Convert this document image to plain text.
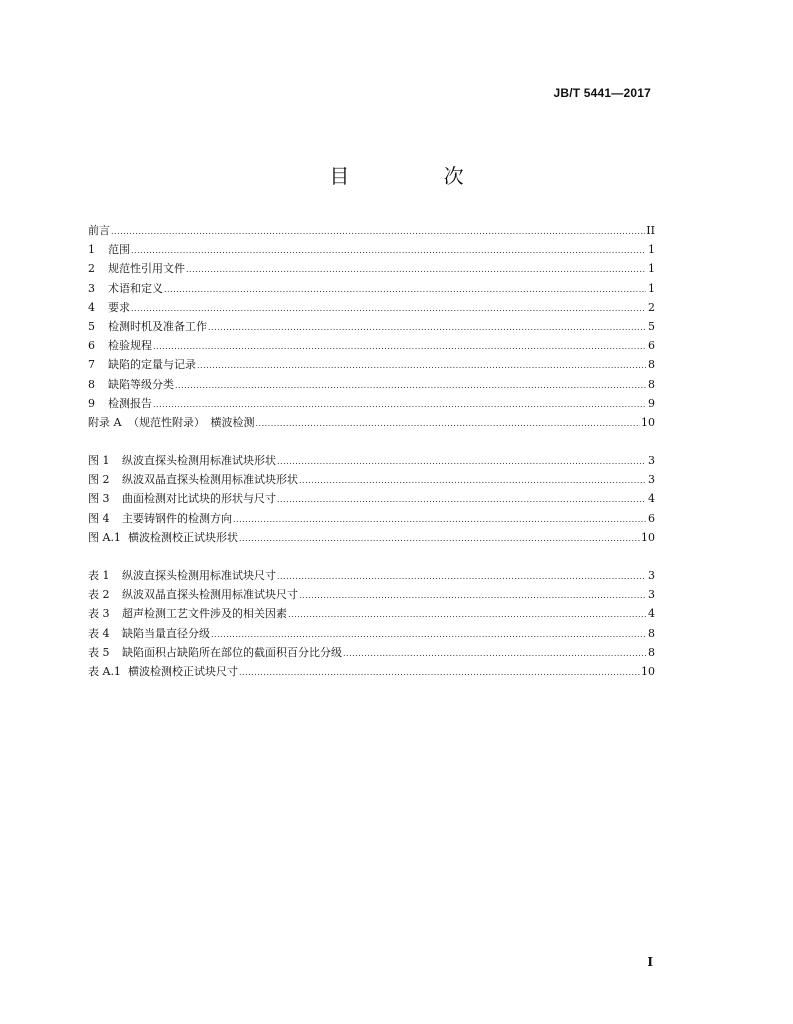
JB/T 5441—2017
目 次
前言 .....	II
1	范围 .....	1
2	规范性引用文件 .....	1
3	术语和定义 .....	1
4	要求 .....	2
5	检测时机及准备工作 .....	5
6	检验规程 .....	6
7	缺陷的定量与记录 .....	8
8	缺陷等级分类 .....	8
9	检测报告 .....	9
附录 A （规范性附录）　横波检测 .....	10
图 1	纵波直探头检测用标准试块形状 .....	3
图 2	纵波双晶直探头检测用标准试块形状 .....	3
图 3	曲面检测对比试块的形状与尺寸 .....	4
图 4	主要铸钢件的检测方向 .....	6
图 A.1 横波检测校正试块形状 .....	10
表 1	纵波直探头检测用标准试块尺寸 .....	3
表 2	纵波双晶直探头检测用标准试块尺寸 .....	3
表 3	超声检测工艺文件涉及的相关因素 .....	4
表 4	缺陷当量直径分级 .....	8
表 5	缺陷面积占缺陷所在部位的截面积百分比分级 .....	8
表 A.1 横波检测校正试块尺寸 .....	10
I
